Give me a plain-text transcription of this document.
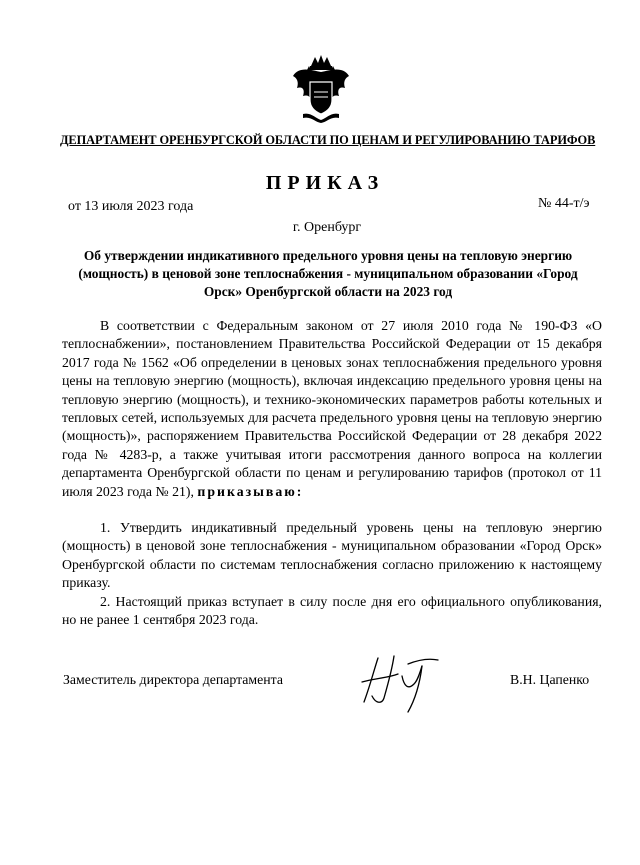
ДЕПАРТАМЕНТ ОРЕНБУРГСКОЙ ОБЛАСТИ ПО ЦЕНАМ И РЕГУЛИРОВАНИЮ ТАРИФОВ
ПРИКАЗ
от 13 июля 2023 года	№ 44-т/э
г. Оренбург
Об утверждении индикативного предельного уровня цены на тепловую энергию (мощность) в ценовой зоне теплоснабжения - муниципальном образовании «Город Орск» Оренбургской области на 2023 год
В соответствии с Федеральным законом от 27 июля 2010 года № 190-ФЗ «О теплоснабжении», постановлением Правительства Российской Федерации от 15 декабря 2017 года № 1562 «Об определении в ценовых зонах теплоснабжения предельного уровня цены на тепловую энергию (мощность), включая индексацию предельного уровня цены на тепловую энергию (мощность), и технико-экономических параметров работы котельных и тепловых сетей, используемых для расчета предельного уровня цены на тепловую энергию (мощность)», распоряжением Правительства Российской Федерации от 28 декабря 2022 года № 4283-р, а также учитывая итоги рассмотрения данного вопроса на коллегии департамента Оренбургской области по ценам и регулированию тарифов (протокол от 11 июля 2023 года № 21), приказываю:

1. Утвердить индикативный предельный уровень цены на тепловую энергию (мощность) в ценовой зоне теплоснабжения - муниципальном образовании «Город Орск» Оренбургской области по системам теплоснабжения согласно приложению к настоящему приказу.

2. Настоящий приказ вступает в силу после дня его официального опубликования, но не ранее 1 сентября 2023 года.

Заместитель директора департамента	В.Н. Цапенко
